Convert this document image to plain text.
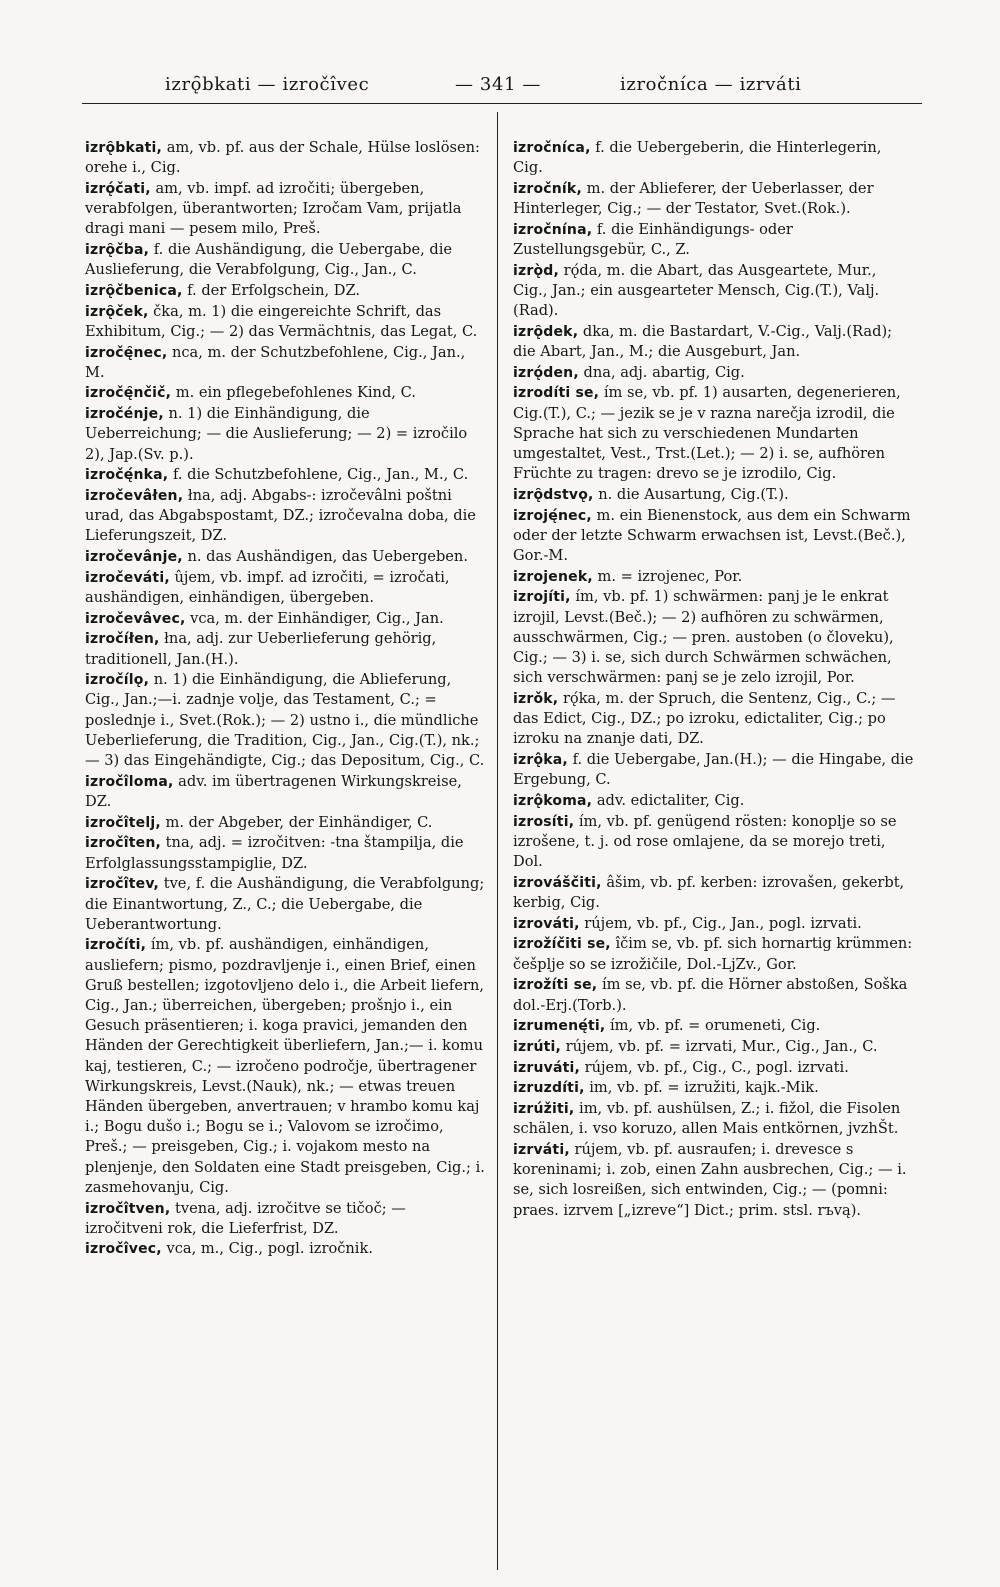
izrǫ̑bkati — izročîvec	— 341 —	izročníca — izrváti
izrǫ̑bkati, am, vb. pf. aus der Schale, Hülse loslösen: orehe i., Cig.
izrǫ́čati, am, vb. impf. ad izročiti; übergeben, verabfolgen, überantworten; Izročam Vam, prijatla dragi mani — pesem milo, Preš.
izrǫ̑čba, f. die Aushändigung, die Uebergabe, die Auslieferung, die Verabfolgung, Cig., Jan., C.
izrǫ̑čbenica, f. der Erfolgschein, DZ.
izrǫ̑ček, čka, m. 1) die eingereichte Schrift, das Exhibitum, Cig.; — 2) das Vermächtnis, das Legat, C.
izročę̑nec, nca, m. der Schutzbefohlene, Cig., Jan., M.
izročę̑nčič, m. ein pflegebefohlenes Kind, C.
izročénje, n. 1) die Einhändigung, die Ueberreichung; — die Auslieferung; — 2) = izročilo 2), Jap.(Sv. p.).
izročę́nka, f. die Schutzbefohlene, Cig., Jan., M., C.
izročevâłen, łna, adj. Abgabs-: izročevâlni poštni urad, das Abgabspostamt, DZ.; izročevalna doba, die Lieferungszeit, DZ.
izročevânje, n. das Aushändigen, das Uebergeben.
izročeváti, ûjem, vb. impf. ad izročiti, = izročati, aushändigen, einhändigen, übergeben.
izročevâvec, vca, m. der Einhändiger, Cig., Jan.
izročíłen, łna, adj. zur Ueberlieferung gehörig, traditionell, Jan.(H.).
izročílǫ, n. 1) die Einhändigung, die Ablieferung, Cig., Jan.;—i. zadnje volje, das Testament, C.; = poslednje i., Svet.(Rok.); — 2) ustno i., die mündliche Ueberlieferung, die Tradition, Cig., Jan., Cig.(T.), nk.; — 3) das Eingehändigte, Cig.; das Depositum, Cig., C.
izročîloma, adv. im übertragenen Wirkungskreise, DZ.
izročîtelj, m. der Abgeber, der Einhändiger, C.
izročîten, tna, adj. = izročitven: -tna štampilja, die Erfolglassungsstampiglie, DZ.
izročîtev, tve, f. die Aushändigung, die Verabfolgung; die Einantwortung, Z., C.; die Uebergabe, die Ueberantwortung.
izročíti, ím, vb. pf. aushändigen, einhändigen, ausliefern; pismo, pozdravljenje i., einen Brief, einen Gruß bestellen; izgotovljeno delo i., die Arbeit liefern, Cig., Jan.; überreichen, übergeben; prošnjo i., ein Gesuch präsentieren; i. koga pravici, jemanden den Händen der Gerechtigkeit überliefern, Jan.;— i. komu kaj, testieren, C.; — izročeno področje, übertragener Wirkungskreis, Levst.(Nauk), nk.; — etwas treuen Händen übergeben, anvertrauen; v hrambo komu kaj i.; Bogu dušo i.; Bogu se i.; Valovom se izročimo, Preš.; — preisgeben, Cig.; i. vojakom mesto na plenjenje, den Soldaten eine Stadt preisgeben, Cig.; i. zasmehovanju, Cig.
izročîtven, tvena, adj. izročitve se tičoč; — izročitveni rok, die Lieferfrist, DZ.
izročîvec, vca, m., Cig., pogl. izročnik.
izročníca, f. die Uebergeberin, die Hinterlegerin, Cig.
izročník, m. der Ablieferer, der Ueberlasser, der Hinterleger, Cig.; — der Testator, Svet.(Rok.).
izročnína, f. die Einhändigungs- oder Zustellungsgebür, C., Z.
izrǫ̀d, rǫ́da, m. die Abart, das Ausgeartete, Mur., Cig., Jan.; ein ausgearteter Mensch, Cig.(T.), Valj.(Rad).
izrǫ̑dek, dka, m. die Bastardart, V.-Cig., Valj.(Rad); die Abart, Jan., M.; die Ausgeburt, Jan.
izrǫ́den, dna, adj. abartig, Cig.
izrodíti se, ím se, vb. pf. 1) ausarten, degenerieren, Cig.(T.), C.; — jezik se je v razna narečja izrodil, die Sprache hat sich zu verschiedenen Mundarten umgestaltet, Vest., Trst.(Let.); — 2) i. se, aufhören Früchte zu tragen: drevo se je izrodilo, Cig.
izrǫ̑dstvǫ, n. die Ausartung, Cig.(T.).
izroję́nec, m. ein Bienenstock, aus dem ein Schwarm oder der letzte Schwarm erwachsen ist, Levst.(Beč.), Gor.-M.
izrojenek, m. = izrojenec, Por.
izrojíti, ím, vb. pf. 1) schwärmen: panj je le enkrat izrojil, Levst.(Beč.); — 2) aufhören zu schwärmen, ausschwärmen, Cig.; — pren. austoben (o človeku), Cig.; — 3) i. se, sich durch Schwärmen schwächen, sich verschwärmen: panj se je zelo izrojil, Por.
izrǒk, rǫ́ka, m. der Spruch, die Sentenz, Cig., C.; — das Edict, Cig., DZ.; po izroku, edictaliter, Cig.; po izroku na znanje dati, DZ.
izrǫ̂ka, f. die Uebergabe, Jan.(H.); — die Hingabe, die Ergebung, C.
izrǫ̂koma, adv. edictaliter, Cig.
izrosíti, ím, vb. pf. genügend rösten: konoplje so se izrošene, t. j. od rose omlajene, da se morejo treti, Dol.
izrováščiti, âšim, vb. pf. kerben: izrovašen, gekerbt, kerbig, Cig.
izrováti, rújem, vb. pf., Cig., Jan., pogl. izrvati.
izrožíčiti se, îčim se, vb. pf. sich hornartig krümmen: češplje so se izrožičile, Dol.-LjZv., Gor.
izrožíti se, ím se, vb. pf. die Hörner abstoßen, Soška dol.-Erj.(Torb.).
izrumenę́ti, ím, vb. pf. = orumeneti, Cig.
izrúti, rújem, vb. pf. = izrvati, Mur., Cig., Jan., C.
izruváti, rújem, vb. pf., Cig., C., pogl. izrvati.
izruzdíti, im, vb. pf. = izružiti, kajk.-Mik.
izrúžiti, im, vb. pf. aushülsen, Z.; i. fižol, die Fisolen schälen, i. vso koruzo, allen Mais entkörnen, jvzhŠt.
izrváti, rújem, vb. pf. ausraufen; i. drevesce s koreninami; i. zob, einen Zahn ausbrechen, Cig.; — i. se, sich losreißen, sich entwinden, Cig.; — (pomni: praes. izrvem [„izreve“] Dict.; prim. stsl. rъvą).
